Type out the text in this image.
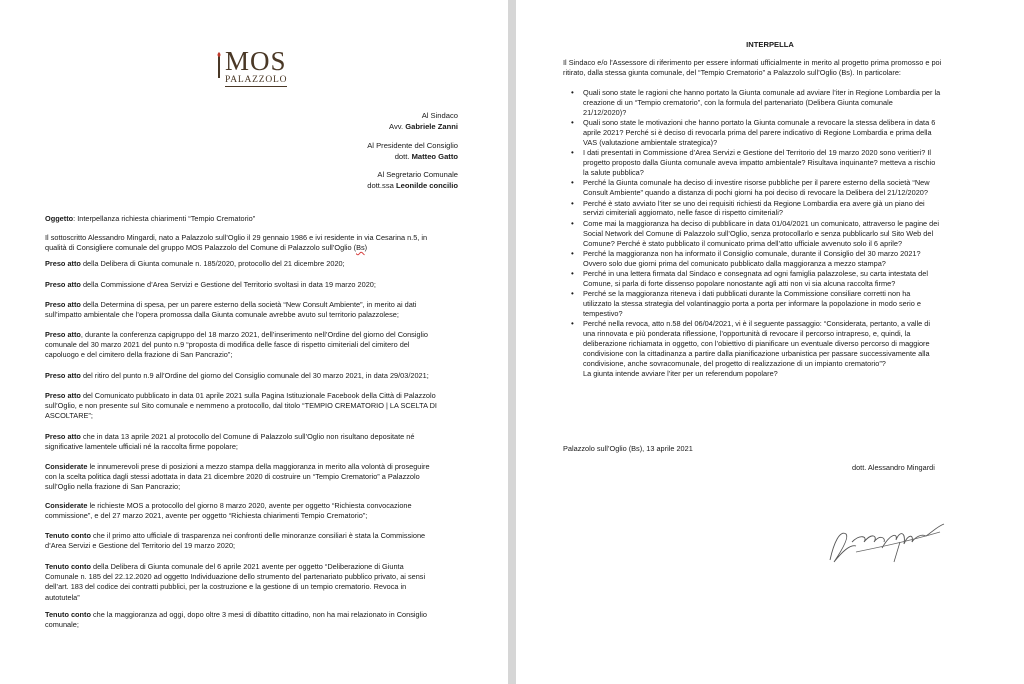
MOS
PALAZZOLO
Al Sindaco
Avv. Gabriele Zanni
Al Presidente del Consiglio
dott. Matteo Gatto
Al Segretario Comunale
dott.ssa Leonilde concilio
Oggetto: Interpellanza richiesta chiarimenti “Tempio Crematorio”
Il sottoscritto Alessandro Mingardi, nato a Palazzolo sull’Oglio il 29 gennaio 1986 e ivi residente in via Cesarina n.5, in
qualità di Consigliere comunale del gruppo MOS Palazzolo del Comune di Palazzolo sull’Oglio (Bs)
Preso atto della Delibera di Giunta comunale n. 185/2020, protocollo del 21 dicembre 2020;
Preso atto della Commissione d’Area Servizi e Gestione del Territorio svoltasi in data 19 marzo 2020;
Preso atto della Determina di spesa, per un parere esterno della società “New Consult Ambiente”, in merito ai dati
sull’impatto ambientale che l’opera promossa dalla Giunta comunale avrebbe avuto sul territorio palazzolese;
Preso atto, durante la conferenza capigruppo del 18 marzo 2021, dell’inserimento nell’Ordine del giorno del Consiglio
comunale del 30 marzo 2021 del punto n.9 “proposta di modifica delle fasce di rispetto cimiteriali del cimitero del
capoluogo e del cimitero della frazione di San Pancrazio”;
Preso atto del ritiro del punto n.9 all’Ordine del giorno del Consiglio comunale del 30 marzo 2021, in data 29/03/2021;
Preso atto del Comunicato pubblicato in data 01 aprile 2021 sulla Pagina Istituzionale Facebook della Città di Palazzolo
sull’Oglio, e non presente sul Sito comunale e nemmeno a protocollo, dal titolo “TEMPIO CREMATORIO | LA SCELTA DI
ASCOLTARE”;
Preso atto che in data 13 aprile 2021 al protocollo del Comune di Palazzolo sull’Oglio non risultano depositate né
significative lamentele ufficiali né la raccolta firme popolare;
Considerate le innumerevoli prese di posizioni a mezzo stampa della maggioranza in merito alla volontà di proseguire
con la scelta politica dagli stessi adottata in data 21 dicembre 2020 di costruire un “Tempio Crematorio” a Palazzolo
sull’Oglio nella frazione di San Pancrazio;
Considerate le richieste MOS a protocollo del giorno 8 marzo 2020, avente per oggetto “Richiesta convocazione
commissione”, e del 27 marzo 2021, avente per oggetto “Richiesta chiarimenti Tempio Crematorio”;
Tenuto conto che il primo atto ufficiale di trasparenza nei confronti delle minoranze consiliari è stata la Commissione
d’Area Servizi e Gestione del Territorio del 19 marzo 2020;
Tenuto conto della Delibera di Giunta comunale del 6 aprile 2021 avente per oggetto “Deliberazione di Giunta
Comunale n. 185 del 22.12.2020 ad oggetto Individuazione dello strumento del partenariato pubblico privato, ai sensi
dell’art. 183 del codice dei contratti pubblici, per la costruzione e la gestione di un tempio crematorio. Revoca in
autotutela”
Tenuto conto che la maggioranza ad oggi, dopo oltre 3 mesi di dibattito cittadino, non ha mai relazionato in Consiglio
comunale;
INTERPELLA
Il Sindaco e/o l’Assessore di riferimento per essere informati ufficialmente in merito al progetto prima promosso e poi
ritirato, dalla stessa giunta comunale, del “Tempio Crematorio” a Palazzolo sull’Oglio (Bs). In particolare:
• Quali sono state le ragioni che hanno portato la Giunta comunale ad avviare l’iter in Regione Lombardia per la
creazione di un “Tempio crematorio”, con la formula del partenariato (Delibera Giunta comunale
21/12/2020)?
• Quali sono state le motivazioni che hanno portato la Giunta comunale a revocare la stessa delibera in data 6
aprile 2021? Perché si è deciso di revocarla prima del parere indicativo di Regione Lombardia e prima della
VAS (valutazione ambientale strategica)?
• I dati presentati in Commissione d’Area Servizi e Gestione del Territorio del 19 marzo 2020 sono veritieri? Il
progetto proposto dalla Giunta comunale aveva impatto ambientale? Risultava inquinante? metteva a rischio
la salute pubblica?
• Perché la Giunta comunale ha deciso di investire risorse pubbliche per il parere esterno della società “New
Consult Ambiente” quando a distanza di pochi giorni ha poi deciso di revocare la Delibera del 21/12/2020?
• Perché è stato avviato l’iter se uno dei requisiti richiesti da Regione Lombardia era avere già un piano dei
servizi cimiteriali aggiornato, nelle fasce di rispetto cimiteriali?
• Come mai la maggioranza ha deciso di pubblicare in data 01/04/2021 un comunicato, attraverso le pagine dei
Social Network del Comune di Palazzolo sull’Oglio, senza protocollarlo e senza pubblicarlo sul Sito Web del
Comune? Perché è stato pubblicato il comunicato prima dell’atto ufficiale avvenuto solo il 6 aprile?
• Perché la maggioranza non ha informato il Consiglio comunale, durante il Consiglio del 30 marzo 2021?
Ovvero solo due giorni prima del comunicato pubblicato dalla maggioranza a mezzo stampa?
• Perché in una lettera firmata dal Sindaco e consegnata ad ogni famiglia palazzolese, su carta intestata del
Comune, si parla di forte dissenso popolare nonostante agli atti non vi sia alcuna raccolta firme?
• Perché se la maggioranza riteneva i dati pubblicati durante la Commissione consiliare corretti non ha
utilizzato la stessa strategia del volantinaggio porta a porta per informare la popolazione in modo serio e
tempestivo?
• Perché nella revoca, atto n.58 del 06/04/2021, vi è il seguente passaggio: “Considerata, pertanto, a valle di
una rinnovata e più ponderata riflessione, l’opportunità di revocare il percorso intrapreso, e, quindi, la
deliberazione richiamata in oggetto, con l’obiettivo di pianificare un eventuale diverso percorso di maggiore
condivisione con la cittadinanza a partire dalla pianificazione urbanistica per passare successivamente alla
condivisione, anche sovracomunale, del progetto di realizzazione di un impianto crematorio”?
La giunta intende avviare l’iter per un referendum popolare?
Palazzolo sull’Oglio (Bs), 13 aprile 2021
dott. Alessandro Mingardi
